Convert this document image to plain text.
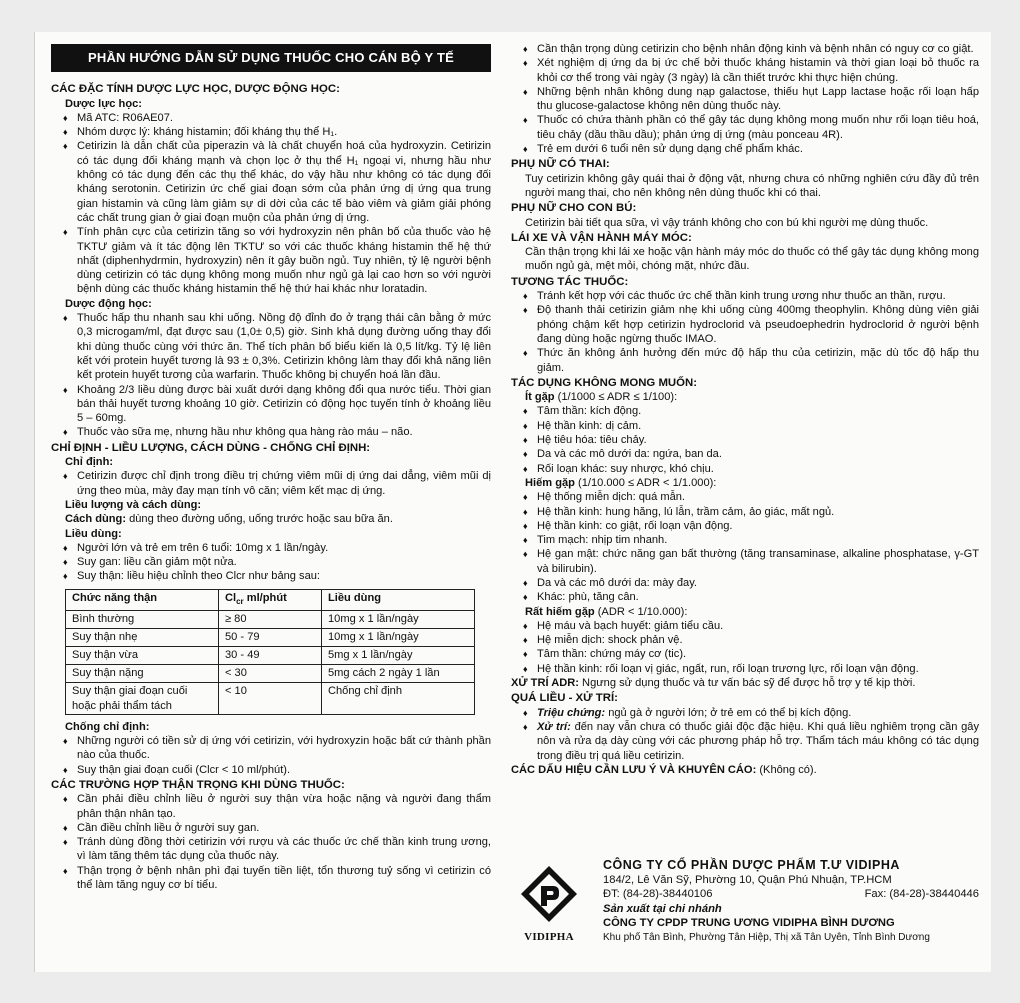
PHẦN HƯỚNG DẪN SỬ DỤNG THUỐC CHO CÁN BỘ Y TẾ
CÁC ĐẶC TÍNH DƯỢC LỰC HỌC, DƯỢC ĐỘNG HỌC:
Dược lực học:
♦ Mã ATC: R06AE07.
♦ Nhóm dược lý: kháng histamin; đối kháng thụ thể H₁.
♦ Cetirizin là dẫn chất của piperazin và là chất chuyển hoá của hydroxyzin. Cetirizin có tác dụng đối kháng mạnh và chọn lọc ở thụ thể H₁ ngoại vi, nhưng hầu như không có tác dụng đến các thụ thể khác, do vậy hầu như không có tác dụng đối kháng serotonin. Cetirizin ức chế giai đoạn sớm của phản ứng dị ứng qua trung gian histamin và cũng làm giảm sự di dời của các tế bào viêm và giảm giải phóng các chất trung gian ở giai đoạn muộn của phản ứng dị ứng.
♦ Tính phân cực của cetirizin tăng so với hydroxyzin nên phân bố của thuốc vào hệ TKTƯ giảm và ít tác động lên TKTƯ so với các thuốc kháng histamin thế hệ thứ nhất (diphenhydrmin, hydroxyzin) nên ít gây buồn ngủ. Tuy nhiên, tỷ lệ người bệnh dùng cetirizin có tác dụng không mong muốn như ngủ gà lại cao hơn so với người bệnh dùng các thuốc kháng histamin thế hệ thứ hai khác như loratadin.
Dược động học:
♦ Thuốc hấp thu nhanh sau khi uống. Nồng độ đỉnh đo ở trạng thái cân bằng ở mức 0,3 microgam/ml, đạt được sau (1,0± 0,5) giờ. Sinh khả dụng đường uống thay đổi khi dùng thuốc cùng với thức ăn. Thể tích phân bố biểu kiến là 0,5 lít/kg. Tỷ lệ liên kết với protein huyết tương là 93 ± 0,3%. Cetirizin không làm thay đổi khả năng liên kết protein huyết tương của warfarin. Thuốc không bị chuyển hoá lần đầu.
♦ Khoảng 2/3 liều dùng được bài xuất dưới dạng không đổi qua nước tiểu. Thời gian bán thải huyết tương khoảng 10 giờ. Cetirizin có động học tuyến tính ở khoảng liều 5 – 60mg.
♦ Thuốc vào sữa mẹ, nhưng hầu như không qua hàng rào máu – não.
CHỈ ĐỊNH - LIỀU LƯỢNG, CÁCH DÙNG - CHỐNG CHỈ ĐỊNH:
Chỉ định:
♦ Cetirizin được chỉ định trong điều trị chứng viêm mũi dị ứng dai dẳng, viêm mũi dị ứng theo mùa, mày đay mạn tính vô căn; viêm kết mạc dị ứng.
Liều lượng và cách dùng:
Cách dùng: dùng theo đường uống, uống trước hoặc sau bữa ăn.
Liều dùng:
♦ Người lớn và trẻ em trên 6 tuổi: 10mg x 1 lần/ngày.
♦ Suy gan: liều cần giảm một nửa.
♦ Suy thận: liều hiệu chỉnh theo Clcr như bảng sau:
Chức năng thận	$Cl_{cr}$ ml/phút	Liều dùng
Bình thường	≥ 80	10mg x 1 lần/ngày
Suy thận nhẹ	50 - 79	10mg x 1 lần/ngày
Suy thận vừa	30 - 49	5mg x 1 lần/ngày
Suy thận nặng	< 30	5mg cách 2 ngày 1 lần
Suy thận giai đoạn cuối hoặc phải thẩm tách	< 10	Chống chỉ định
Chống chỉ định:
♦ Những người có tiền sử dị ứng với cetirizin, với hydroxyzin hoặc bất cứ thành phần nào của thuốc.
♦ Suy thận giai đoạn cuối (Clcr < 10 ml/phút).
CÁC TRƯỜNG HỢP THẬN TRỌNG KHI DÙNG THUỐC:
♦ Cần phải điều chỉnh liều ở người suy thận vừa hoặc nặng và người đang thẩm phân thận nhân tạo.
♦ Cần điều chỉnh liều ở người suy gan.
♦ Tránh dùng đồng thời cetirizin với rượu và các thuốc ức chế thần kinh trung ương, vì làm tăng thêm tác dụng của thuốc này.
♦ Thận trọng ở bệnh nhân phì đại tuyến tiền liệt, tổn thương tuỷ sống vì cetirizin có thể làm tăng nguy cơ bí tiểu.
♦ Cần thận trọng dùng cetirizin cho bệnh nhân động kinh và bệnh nhân có nguy cơ co giật.
♦ Xét nghiệm dị ứng da bị ức chế bởi thuốc kháng histamin và thời gian loại bỏ thuốc ra khỏi cơ thể trong vài ngày (3 ngày) là cần thiết trước khi thực hiện chúng.
♦ Những bệnh nhân không dung nạp galactose, thiếu hụt Lapp lactase hoặc rối loạn hấp thu glucose-galactose không nên dùng thuốc này.
♦ Thuốc có chứa thành phần có thể gây tác dụng không mong muốn như rối loạn tiêu hoá, tiêu chảy (dầu thầu dầu); phản ứng dị ứng (màu ponceau 4R).
♦ Trẻ em dưới 6 tuổi nên sử dụng dạng chế phẩm khác.
PHỤ NỮ CÓ THAI:
Tuy cetirizin không gây quái thai ở động vật, nhưng chưa có những nghiên cứu đầy đủ trên người mang thai, cho nên không nên dùng thuốc khi có thai.
PHỤ NỮ CHO CON BÚ:
Cetirizin bài tiết qua sữa, vì vậy tránh không cho con bú khi người mẹ dùng thuốc.
LÁI XE VÀ VẬN HÀNH MÁY MÓC:
Cần thận trọng khi lái xe hoặc vận hành máy móc do thuốc có thể gây tác dụng không mong muốn ngủ gà, mệt mỏi, chóng mặt, nhức đầu.
TƯƠNG TÁC THUỐC:
♦ Tránh kết hợp với các thuốc ức chế thần kinh trung ương như thuốc an thần, rượu.
♦ Độ thanh thải cetirizin giảm nhẹ khi uống cùng 400mg theophylin. Không dùng viên giải phóng chậm kết hợp cetirizin hydroclorid và pseudoephedrin hydroclorid ở người bệnh đang dùng hoặc ngừng thuốc IMAO.
♦ Thức ăn không ảnh hưởng đến mức độ hấp thu của cetirizin, mặc dù tốc độ hấp thu giảm.
TÁC DỤNG KHÔNG MONG MUỐN:
Ít gặp (1/1000 ≤ ADR ≤ 1/100):
♦ Tâm thần: kích động.
♦ Hệ thần kinh: dị cảm.
♦ Hệ tiêu hóa: tiêu chảy.
♦ Da và các mô dưới da: ngứa, ban da.
♦ Rối loạn khác: suy nhược, khó chịu.
Hiếm gặp (1/10.000 ≤ ADR < 1/1.000):
♦ Hệ thống miễn dịch: quá mẫn.
♦ Hệ thần kinh: hung hăng, lú lẫn, trầm cảm, ảo giác, mất ngủ.
♦ Hệ thần kinh: co giật, rối loạn vận động.
♦ Tim mạch: nhịp tim nhanh.
♦ Hệ gan mật: chức năng gan bất thường (tăng transaminase, alkaline phosphatase, γ-GT và bilirubin).
♦ Da và các mô dưới da: mày đay.
♦ Khác: phù, tăng cân.
Rất hiếm gặp (ADR < 1/10.000):
♦ Hệ máu và bạch huyết: giảm tiểu cầu.
♦ Hệ miễn dịch: shock phản vệ.
♦ Tâm thần: chứng máy cơ (tic).
♦ Hệ thần kinh: rối loạn vị giác, ngất, run, rối loạn trương lực, rối loạn vận động.
XỬ TRÍ ADR: Ngưng sử dụng thuốc và tư vấn bác sỹ để được hỗ trợ y tế kịp thời.
QUÁ LIỀU - XỬ TRÍ:
♦ Triệu chứng: ngủ gà ở người lớn; ở trẻ em có thể bị kích động.
♦ Xử trí: đến nay vẫn chưa có thuốc giải độc đặc hiệu. Khi quá liều nghiêm trọng cần gây nôn và rửa dạ dày cùng với các phương pháp hỗ trợ. Thẩm tách máu không có tác dụng trong điều trị quá liều cetirizin.
CÁC DẤU HIỆU CẦN LƯU Ý VÀ KHUYÊN CÁO: (Không có).
VIDIPHA
CÔNG TY CỔ PHẦN DƯỢC PHẨM T.Ư VIDIPHA
184/2, Lê Văn Sỹ, Phường 10, Quận Phú Nhuận, TP.HCM
ĐT: (84-28)-38440106	Fax: (84-28)-38440446
Sản xuất tại chi nhánh
CÔNG TY CPDP TRUNG ƯƠNG VIDIPHA BÌNH DƯƠNG
Khu phố Tân Bình, Phường Tân Hiệp, Thị xã Tân Uyên, Tỉnh Bình Dương
